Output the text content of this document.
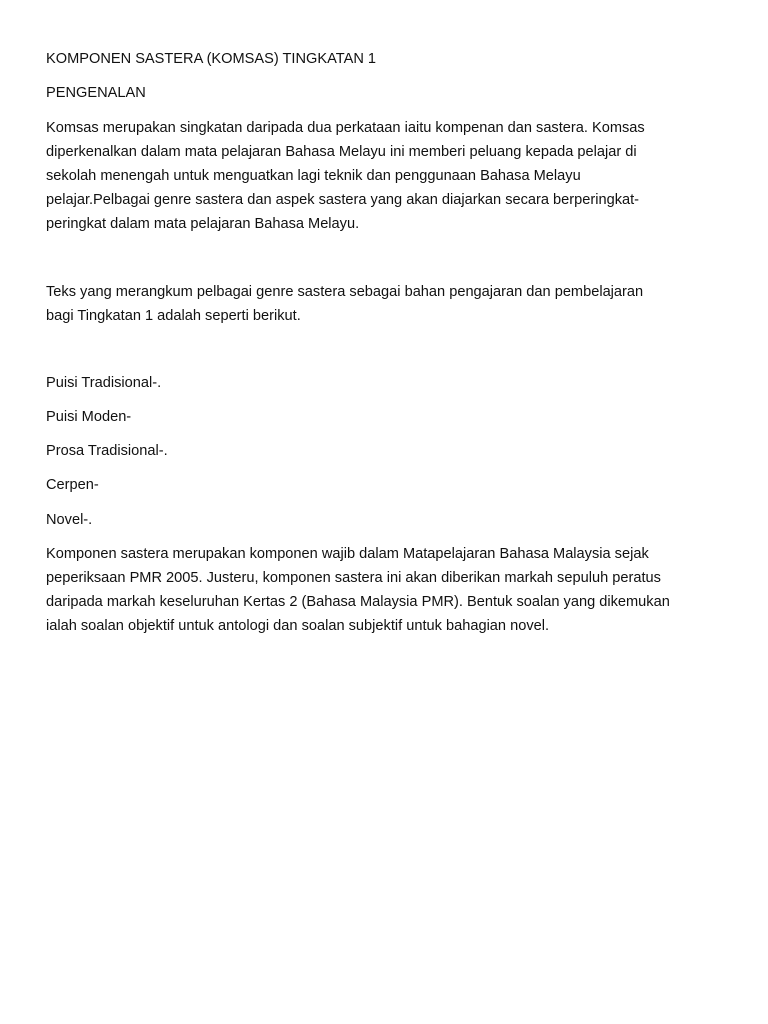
KOMPONEN SASTERA (KOMSAS) TINGKATAN 1

PENGENALAN

Komsas merupakan singkatan daripada dua perkataan iaitu kompenan dan sastera. Komsas
diperkenalkan dalam mata pelajaran Bahasa Melayu ini memberi peluang kepada pelajar di
sekolah menengah untuk menguatkan lagi teknik dan penggunaan Bahasa Melayu
pelajar.Pelbagai genre sastera dan aspek sastera yang akan diajarkan secara berperingkat-
peringkat dalam mata pelajaran Bahasa Melayu.
Teks yang merangkum pelbagai genre sastera sebagai bahan pengajaran dan pembelajaran
bagi Tingkatan 1 adalah seperti berikut.

Puisi Tradisional-.

Puisi Moden-

Prosa Tradisional-.

Cerpen-

Novel-.

Komponen sastera merupakan komponen wajib dalam Matapelajaran Bahasa Malaysia sejak
peperiksaan PMR 2005. Justeru, komponen sastera ini akan diberikan markah sepuluh peratus
daripada markah keseluruhan Kertas 2 (Bahasa Malaysia PMR). Bentuk soalan yang dikemukan
ialah soalan objektif untuk antologi dan soalan subjektif untuk bahagian novel.
